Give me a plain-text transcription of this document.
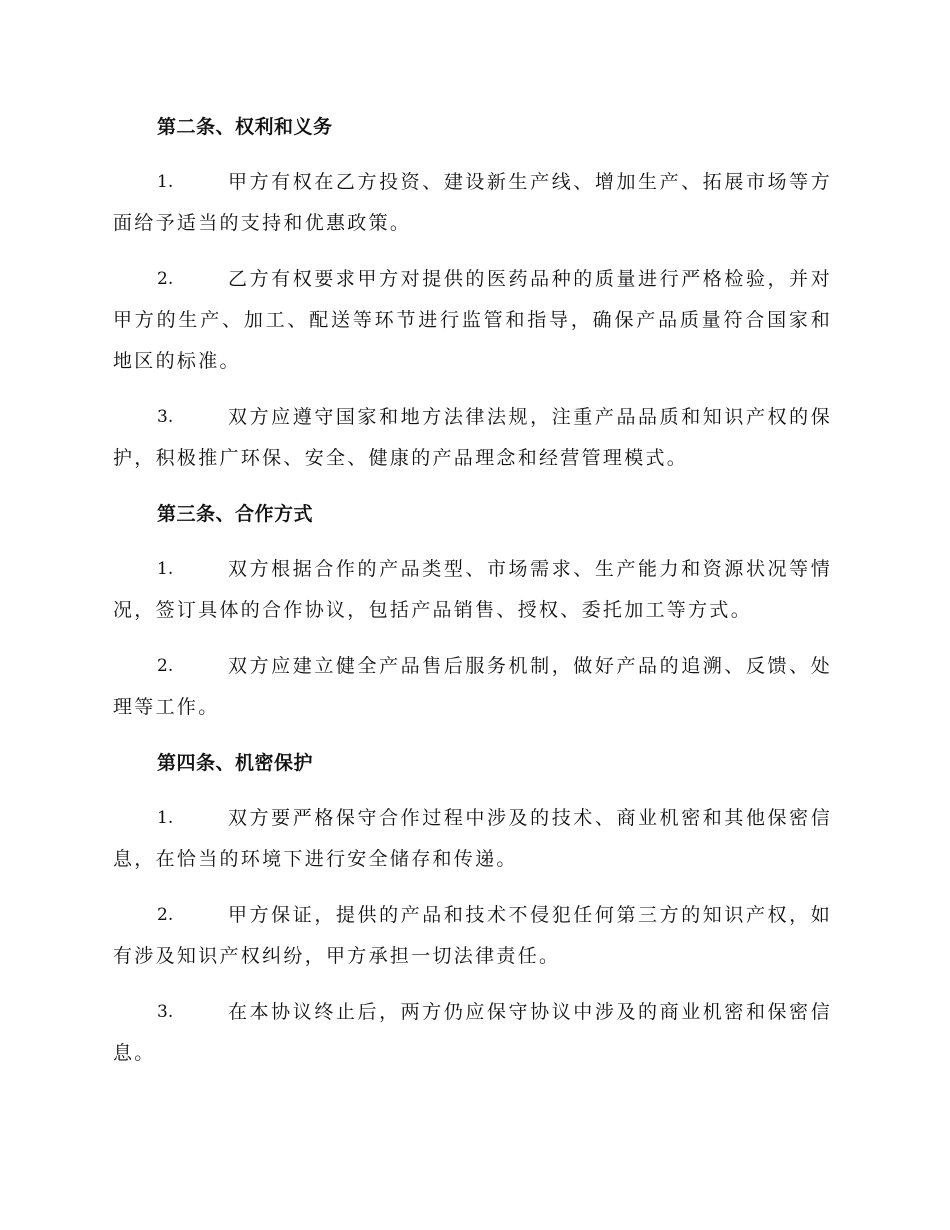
第二条、权利和义务
1.	甲方有权在乙方投资、建设新生产线、增加生产、拓展市场等方面给予适当的支持和优惠政策。
2.	乙方有权要求甲方对提供的医药品种的质量进行严格检验，并对甲方的生产、加工、配送等环节进行监管和指导，确保产品质量符合国家和地区的标准。
3.	双方应遵守国家和地方法律法规，注重产品品质和知识产权的保护，积极推广环保、安全、健康的产品理念和经营管理模式。
第三条、合作方式
1.	双方根据合作的产品类型、市场需求、生产能力和资源状况等情况，签订具体的合作协议，包括产品销售、授权、委托加工等方式。
2.	双方应建立健全产品售后服务机制，做好产品的追溯、反馈、处理等工作。
第四条、机密保护
1.	双方要严格保守合作过程中涉及的技术、商业机密和其他保密信息，在恰当的环境下进行安全储存和传递。
2.	甲方保证，提供的产品和技术不侵犯任何第三方的知识产权，如有涉及知识产权纠纷，甲方承担一切法律责任。
3.	在本协议终止后，两方仍应保守协议中涉及的商业机密和保密信息。
